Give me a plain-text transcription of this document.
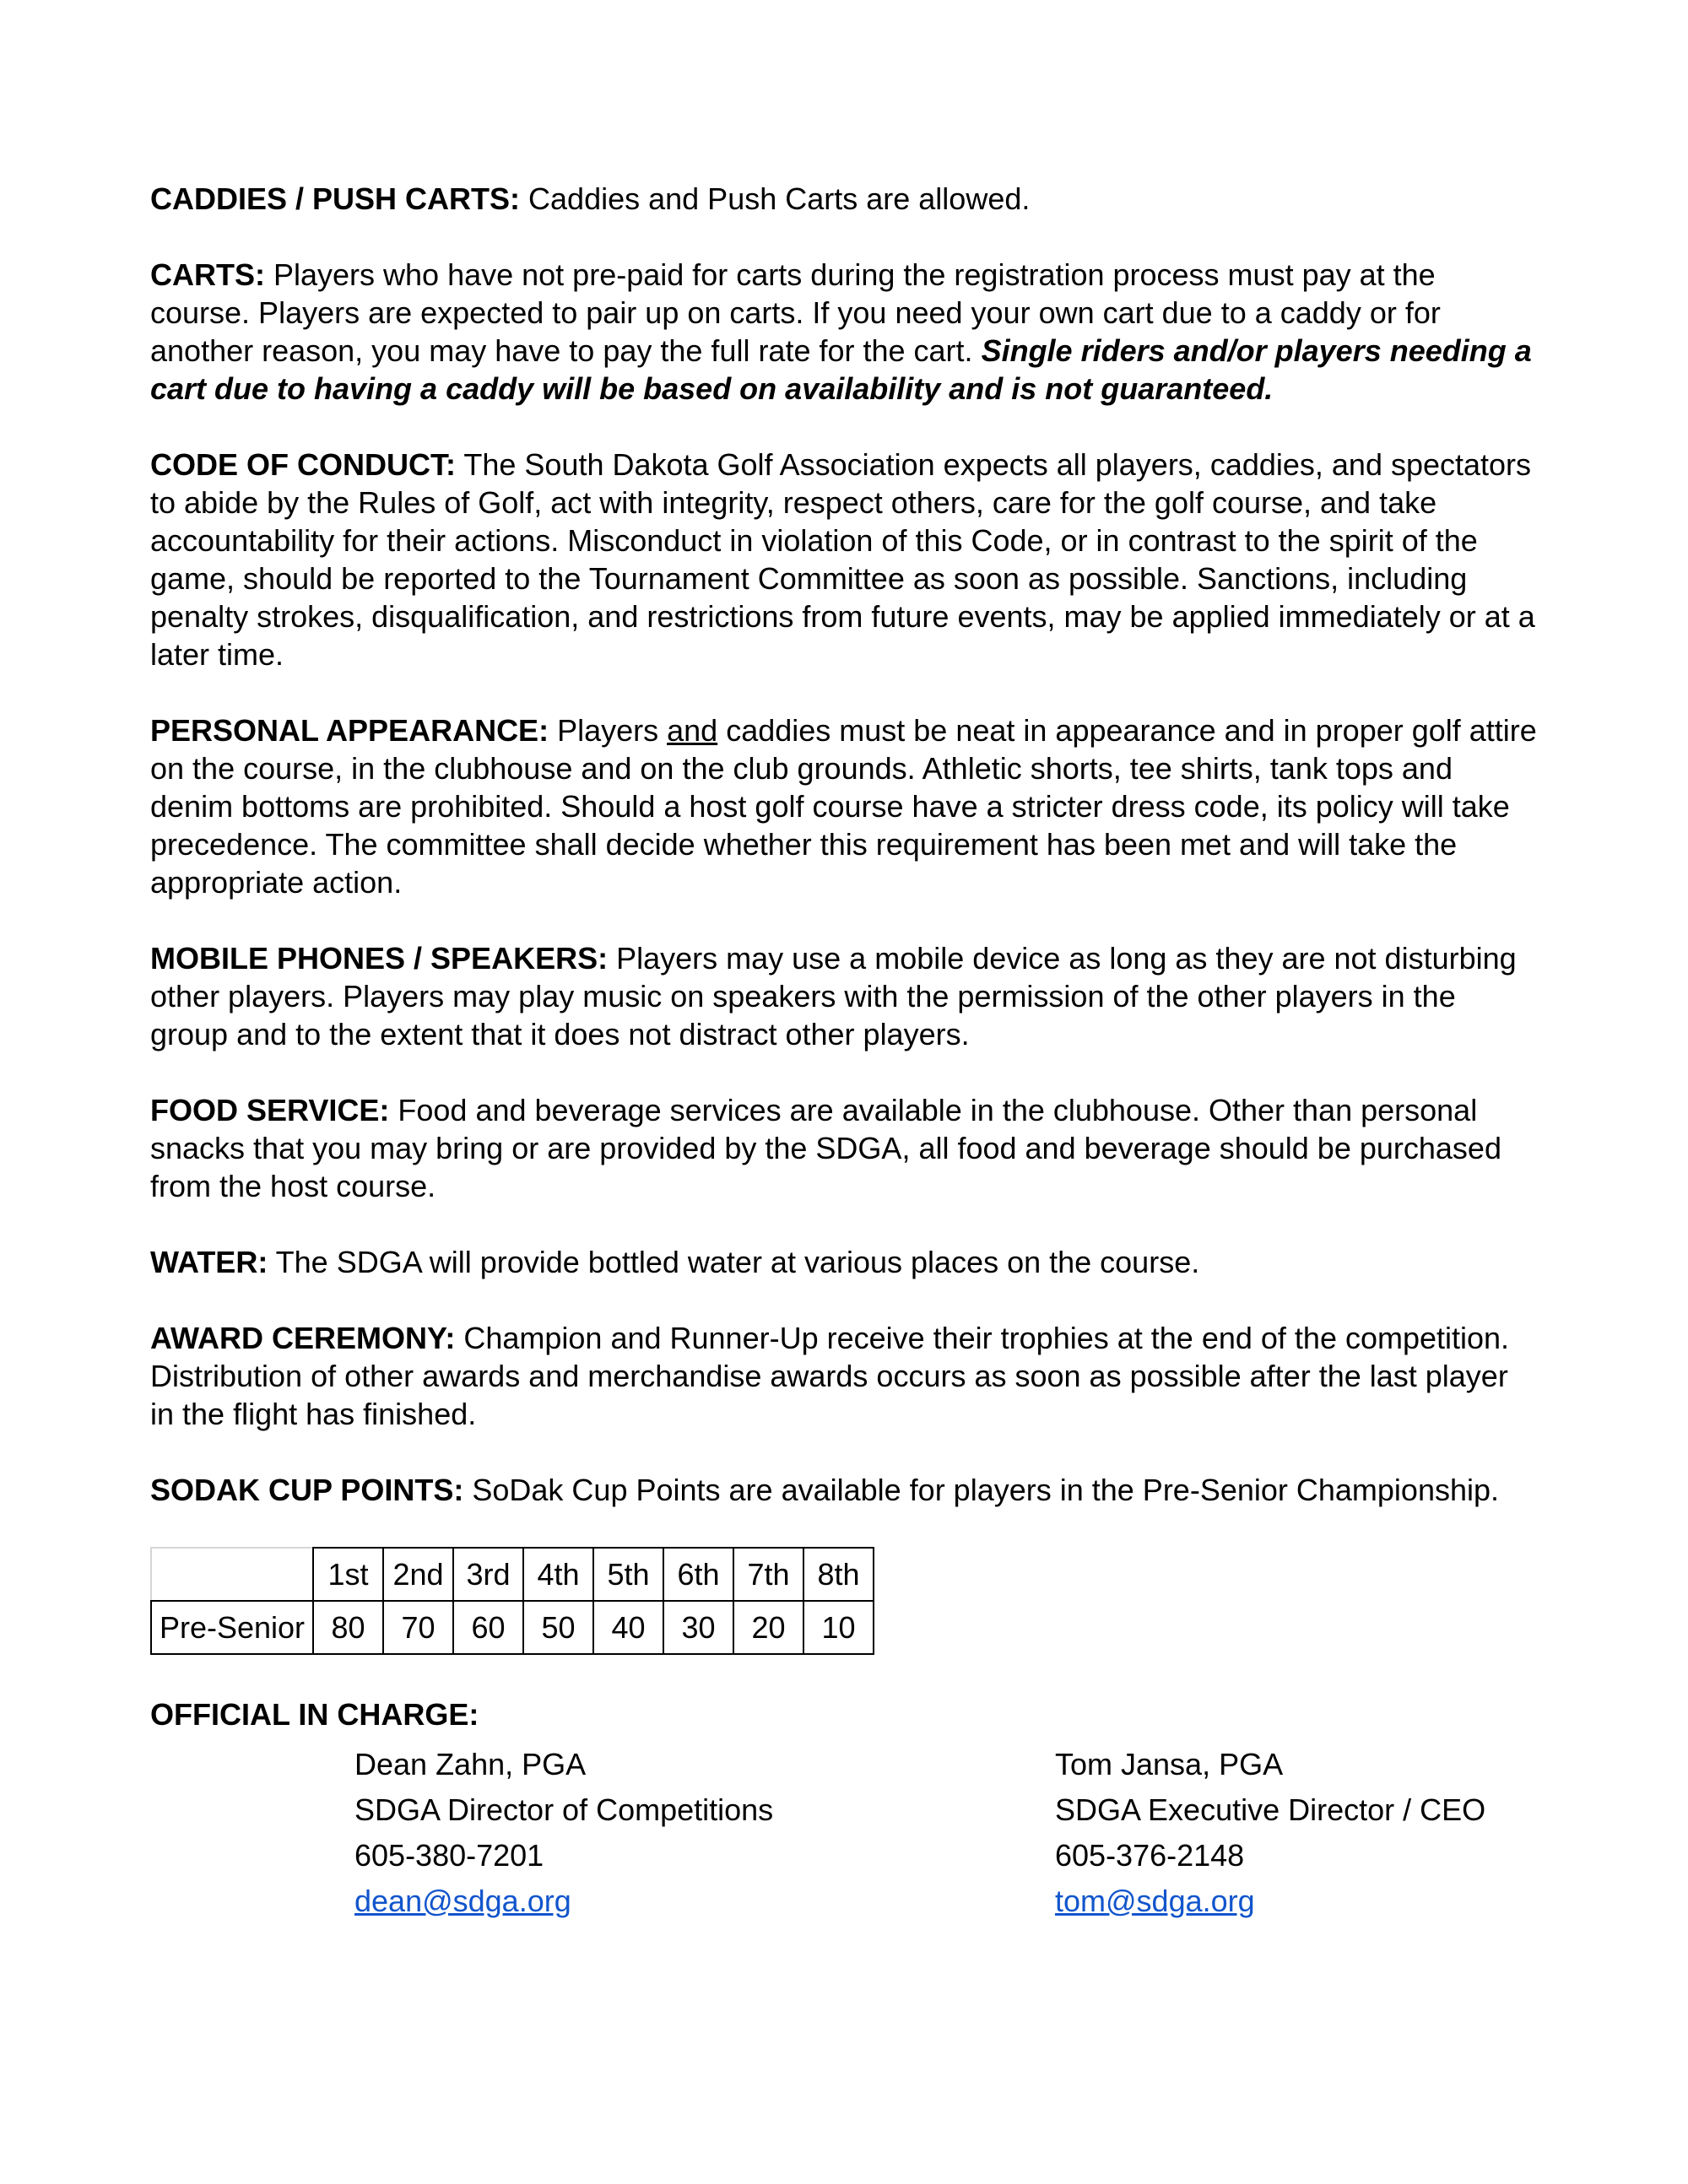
CADDIES / PUSH CARTS: Caddies and Push Carts are allowed.

CARTS: Players who have not pre-paid for carts during the registration process must pay at the course. Players are expected to pair up on carts. If you need your own cart due to a caddy or for another reason, you may have to pay the full rate for the cart. Single riders and/or players needing a cart due to having a caddy will be based on availability and is not guaranteed.

CODE OF CONDUCT: The South Dakota Golf Association expects all players, caddies, and spectators to abide by the Rules of Golf, act with integrity, respect others, care for the golf course, and take accountability for their actions. Misconduct in violation of this Code, or in contrast to the spirit of the game, should be reported to the Tournament Committee as soon as possible. Sanctions, including penalty strokes, disqualification, and restrictions from future events, may be applied immediately or at a later time.

PERSONAL APPEARANCE: Players and caddies must be neat in appearance and in proper golf attire on the course, in the clubhouse and on the club grounds. Athletic shorts, tee shirts, tank tops and denim bottoms are prohibited. Should a host golf course have a stricter dress code, its policy will take precedence. The committee shall decide whether this requirement has been met and will take the appropriate action.

MOBILE PHONES / SPEAKERS: Players may use a mobile device as long as they are not disturbing other players. Players may play music on speakers with the permission of the other players in the group and to the extent that it does not distract other players.

FOOD SERVICE: Food and beverage services are available in the clubhouse. Other than personal snacks that you may bring or are provided by the SDGA, all food and beverage should be purchased from the host course.

WATER: The SDGA will provide bottled water at various places on the course.

AWARD CEREMONY: Champion and Runner-Up receive their trophies at the end of the competition. Distribution of other awards and merchandise awards occurs as soon as possible after the last player in the flight has finished.

SODAK CUP POINTS: SoDak Cup Points are available for players in the Pre-Senior Championship.

	1st	2nd	3rd	4th	5th	6th	7th	8th
Pre-Senior	80	70	60	50	40	30	20	10

OFFICIAL IN CHARGE:

Dean Zahn, PGA
SDGA Director of Competitions
605-380-7201
dean@sdga.org
Tom Jansa, PGA
SDGA Executive Director / CEO
605-376-2148
tom@sdga.org
